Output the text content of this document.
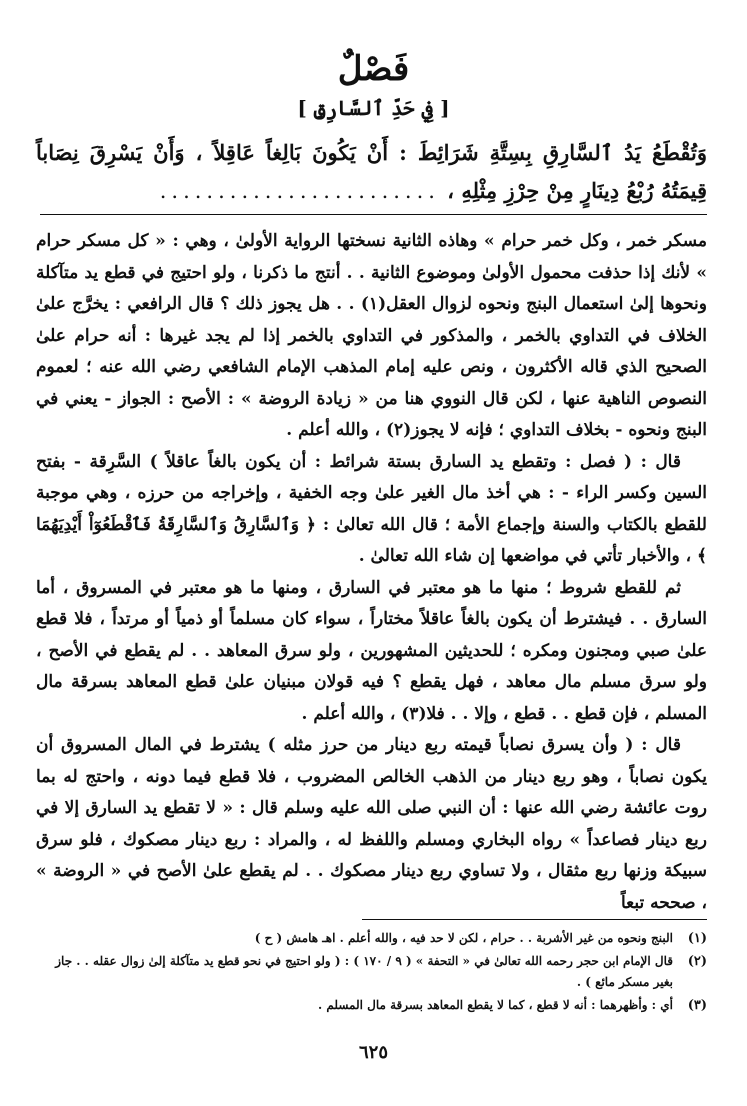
فَصْلٌ
[ فِي حَدِّ ٱلسَّارِقِ ]
وَتُقْطَعُ يَدُ ٱلسَّارِقِ بِسِتَّةِ شَرَائِطَ : أَنْ يَكُونَ بَالِغاً عَاقِلاً ، وَأَنْ يَسْرِقَ نِصَاباً قِيمَتُهُ رُبْعُ دِينَارٍ مِنْ حِرْزِ مِثْلِهِ ، ........................

مسكر خمر ، وكل خمر حرام » وهاذه الثانية نسختها الرواية الأولىٰ ، وهي : « كل مسكر حرام » لأنك إذا حذفت محمول الأولىٰ وموضوع الثانية . . أنتج ما ذكرنا ، ولو احتيج في قطع يد متآكلة ونحوها إلىٰ استعمال البنج ونحوه لزوال العقل(١) . . هل يجوز ذلك ؟ قال الرافعي : يخرَّج علىٰ الخلاف في التداوي بالخمر ، والمذكور في التداوي بالخمر إذا لم يجد غيرها : أنه حرام علىٰ الصحيح الذي قاله الأكثرون ، ونص عليه إمام المذهب الإمام الشافعي رضي الله عنه ؛ لعموم النصوص الناهية عنها ، لكن قال النووي هنا من « زيادة الروضة » : الأصح : الجواز - يعني في البنج ونحوه - بخلاف التداوي ؛ فإنه لا يجوز(٢) ، والله أعلم .

قال : ( فصل : وتقطع يد السارق بستة شرائط : أن يكون بالغاً عاقلاً ) السَّرِقة - بفتح السين وكسر الراء - : هي أخذ مال الغير علىٰ وجه الخفية ، وإخراجه من حرزه ، وهي موجبة للقطع بالكتاب والسنة وإجماع الأمة ؛ قال الله تعالىٰ : ﴿ وَٱلسَّارِقُ وَٱلسَّارِقَةُ فَٱقْطَعُوٓاْ أَيْدِيَهُمَا ﴾ ، والأخبار تأتي في مواضعها إن شاء الله تعالىٰ .

ثم للقطع شروط ؛ منها ما هو معتبر في السارق ، ومنها ما هو معتبر في المسروق ، أما السارق . . فيشترط أن يكون بالغاً عاقلاً مختاراً ، سواء كان مسلماً أو ذمياً أو مرتداً ، فلا قطع علىٰ صبي ومجنون ومكره ؛ للحديثين المشهورين ، ولو سرق المعاهد . . لم يقطع في الأصح ، ولو سرق مسلم مال معاهد ، فهل يقطع ؟ فيه قولان مبنيان علىٰ قطع المعاهد بسرقة مال المسلم ، فإن قطع . . قطع ، وإلا . . فلا(٣) ، والله أعلم .

قال : ( وأن يسرق نصاباً قيمته ربع دينار من حرز مثله ) يشترط في المال المسروق أن يكون نصاباً ، وهو ربع دينار من الذهب الخالص المضروب ، فلا قطع فيما دونه ، واحتج له بما روت عائشة رضي الله عنها : أن النبي صلى الله عليه وسلم قال : « لا تقطع يد السارق إلا في ربع دينار فصاعداً » رواه البخاري ومسلم واللفظ له ، والمراد : ربع دينار مصكوك ، فلو سرق سبيكة وزنها ربع مثقال ، ولا تساوي ربع دينار مصكوك . . لم يقطع علىٰ الأصح في « الروضة » ، صححه تبعاً

(١)
البنج ونحوه من غير الأشربة . . حرام ، لكن لا حد فيه ، والله أعلم . اهـ هامش ( ح )
(٢)
قال الإمام ابن حجر رحمه الله تعالىٰ في « التحفة » ( ٩ / ١٧٠ ) : ( ولو احتيج في نحو قطع يد متآكلة إلىٰ زوال عقله . . جاز بغير مسكر مائع ) .
(٣)
أي : وأظهرهما : أنه لا قطع ، كما لا يقطع المعاهد بسرقة مال المسلم .
٦٢٥
